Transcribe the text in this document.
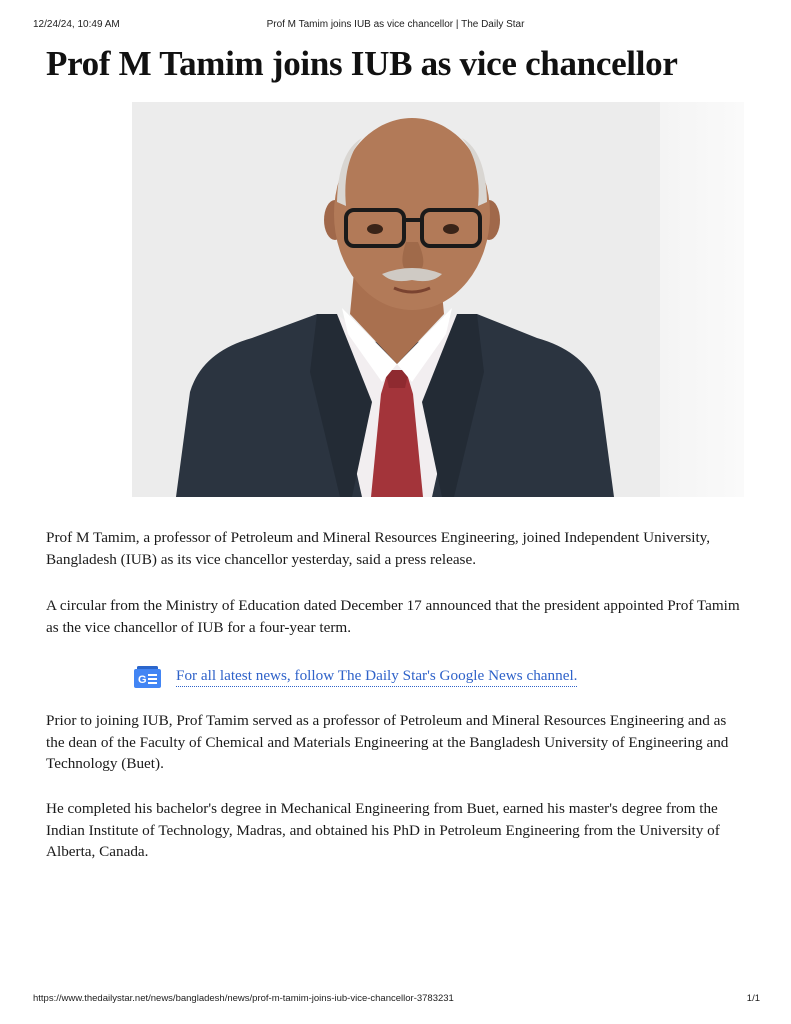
12/24/24, 10:49 AM	Prof M Tamim joins IUB as vice chancellor | The Daily Star
Prof M Tamim joins IUB as vice chancellor

Prof M Tamim, a professor of Petroleum and Mineral Resources Engineering, joined Independent University, Bangladesh (IUB) as its vice chancellor yesterday, said a press release.

A circular from the Ministry of Education dated December 17 announced that the president appointed Prof Tamim as the vice chancellor of IUB for a four-year term.

G For all latest news, follow The Daily Star's Google News channel.

Prior to joining IUB, Prof Tamim served as a professor of Petroleum and Mineral Resources Engineering and as the dean of the Faculty of Chemical and Materials Engineering at the Bangladesh University of Engineering and Technology (Buet).

He completed his bachelor's degree in Mechanical Engineering from Buet, earned his master's degree from the Indian Institute of Technology, Madras, and obtained his PhD in Petroleum Engineering from the University of Alberta, Canada.

https://www.thedailystar.net/news/bangladesh/news/prof-m-tamim-joins-iub-vice-chancellor-3783231	1/1
